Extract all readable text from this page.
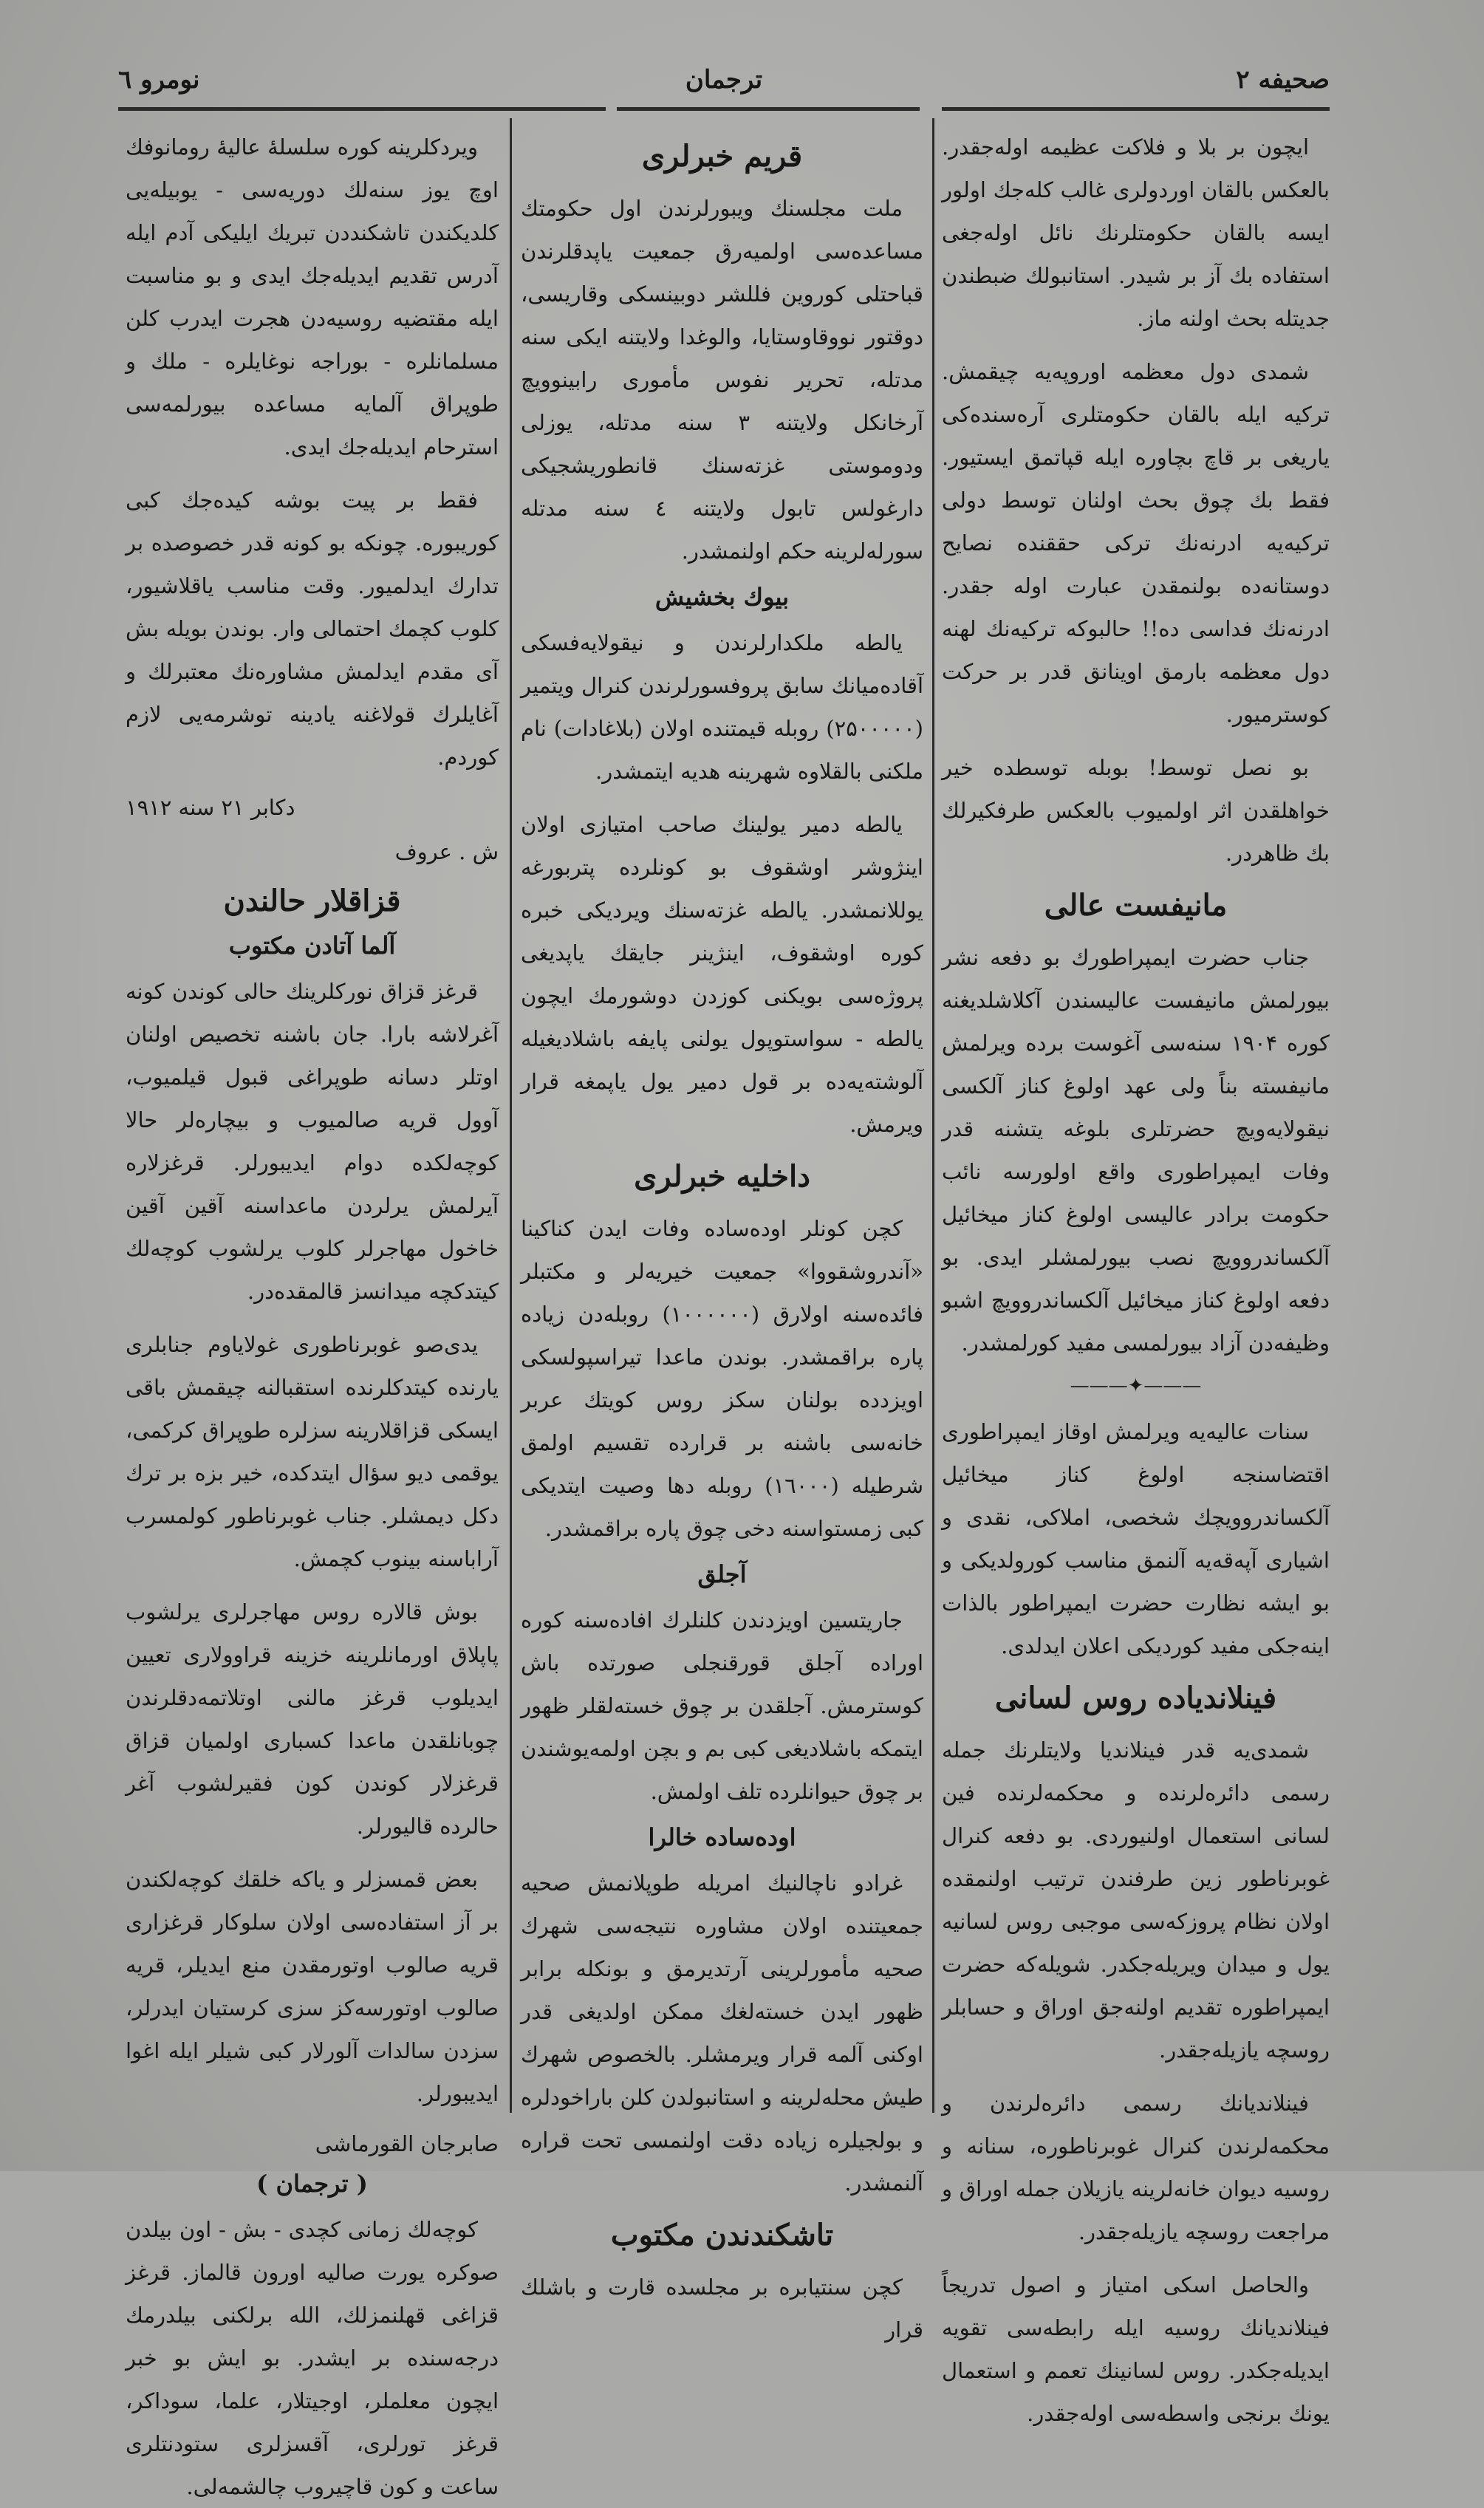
صحیفه ۲
ترجمان
نومرو ٦

ایچون بر بلا و فلاکت عظیمه اوله‌جقدر. بالعکس بالقان اوردولری غالب کله‌جك اولور ایسه بالقان حکومتلرنك نائل اوله‌جغی استفاده بك آز بر شیدر. استانبولك ضبطندن جدیتله بحث اولنه ماز.

شمدی دول معظمه اوروپه‌یه چیقمش. ترکیه ایله بالقان حکومتلری آره‌سنده‌کی یاریغی بر قاچ بچاوره ایله قپاتمق ایستیور. فقط بك چوق بحث اولنان توسط دولی ترکیه‌یه ادرنه‌نك ترکی حققنده نصایح دوستانه‌ده بولنمقدن عبارت اوله جقدر. ادرنه‌نك فداسی ده!! حالبوکه ترکیه‌نك لهنه دول معظمه بارمق اوینانق قدر بر حرکت کوسترمیور.

بو نصل توسط! بوبله توسطده خیر خواهلقدن اثر اولمیوب بالعکس طرفکیرلك بك ظاهردر.

مانیفست عالی

جناب حضرت ایمپراطورك بو دفعه نشر بیورلمش مانیفست عالیسندن آکلاشلدیغنه کوره ۱۹۰۴ سنه‌سی آغوست برده ویرلمش مانیفسته بناً ولی عهد اولوغ کناز آلکسی نیقولایه‌ویچ حضرتلری بلوغه یتشنه قدر وفات ایمپراطوری واقع اولورسه نائب حکومت برادر عالیسی اولوغ کناز میخائیل آلکساندروویچ نصب بیورلمشلر ایدی. بو دفعه اولوغ کناز میخائیل آلکساندروویچ اشبو وظیفه‌دن آزاد بیورلمسی مفید کورلمشدر.

———✦———

سنات عالیه‌یه ویرلمش اوقاز ایمپراطوری اقتضاسنجه اولوغ کناز میخائیل آلکساندروویچك شخصی، املاکی، نقدی و اشیاری آپه‌قه‌یه آلنمق مناسب کورولدیکی و بو ایشه نظارت حضرت ایمپراطور بالذات اینه‌جکی مفید کوردیکی اعلان ایدلدی.

فینلاندیاده روس لسانی

شمدی‌یه قدر فینلاندیا ولایتلرنك جمله رسمی دائره‌لرنده و محکمه‌لرنده فین لسانی استعمال اولنیوردی. بو دفعه کنرال غوبرناطور زین طرفندن ترتیب اولنمقده اولان نظام پروزکه‌سی موجبی روس لسانیه یول و میدان ویریله‌جکدر. شویله‌که حضرت ایمپراطوره تقدیم اولنه‌جق اوراق و حسابلر روسچه یازیله‌جقدر.

فینلاندیانك رسمی دائره‌لرندن و محکمه‌لرندن کنرال غوبرناطوره، سنانه و روسیه دیوان خانه‌لرینه یازیلان جمله اوراق و مراجعت روسچه یازیله‌جقدر.

والحاصل اسکی امتیاز و اصول تدریجاً فینلاندیانك روسیه ایله رابطه‌سی تقویه ایدیله‌جکدر. روس لسانینك تعمم و استعمال یونك برنجی واسطه‌سی اوله‌جقدر.

قریم خبرلری

ملت مجلسنك ویبورلرندن اول حکومتك مساعده‌سی اولمیه‌رق جمعیت یاپدقلرندن قباحتلی کوروین فللشر دوبینسکی وقاریسی، دوقتور نووقاوستایا، والوغدا ولایتنه ایکی سنه مدتله، تحریر نفوس مأموری رابینوویچ آرخانکل ولایتنه ۳ سنه مدتله، یوزلی ودوموستی غزته‌سنك قانطوریشجیکی دارغولس تابول ولایتنه ٤ سنه مدتله سورله‌لرینه حکم اولنمشدر.

بیوك بخشیش

یالطه ملکدارلرندن و نیقولایه‌فسکی آقاده‌میانك سابق پروفسورلرندن کنرال ویتمیر (۲۵۰۰۰۰۰) روبله قیمتنده اولان (بلاغادات) نام ملکنی بالقلاوه شهرینه هدیه ایتمشدر.

یالطه دمیر یولینك صاحب امتیازی اولان اینژوشر اوشقوف بو کونلرده پتربورغه یوللانمشدر. یالطه غزته‌سنك ویردیکی خبره کوره اوشقوف، اینژینر جایقك یاپدیغی پروژه‌سی بویکنی کوزدن دوشورمك ایچون یالطه - سواستوپول یولنی پایفه باشلادیغیله آلوشته‌یه‌ده بر قول دمیر یول یاپمغه قرار ویرمش.

داخلیه خبرلری

کچن کونلر اوده‌ساده وفات ایدن کناکینا «آندروشقووا» جمعیت خیریه‌لر و مکتبلر فائده‌سنه اولارق (۱۰۰۰۰۰۰) روبله‌دن زیاده پاره براقمشدر. بوندن ماعدا تیراسپولسکی اویزدده بولنان سکز روس کویتك عربر خانه‌سی باشنه بر قرارده تقسیم اولمق شرطیله (۱٦۰۰۰) روبله دها وصیت ایتدیکی کبی زمستواسنه دخی چوق پاره براقمشدر.

آجلق

جاریتسین اویزدندن کلنلرك افاده‌سنه کوره اوراده آجلق قورقنجلی صورتده باش کوسترمش. آجلقدن بر چوق خسته‌لقلر ظهور ایتمکه باشلادیغی کبی بم و بچن اولمه‌یوشندن بر چوق حیوانلرده تلف اولمش.

اوده‌ساده خالرا

غرادو ناچالنیك امریله طوپلانمش صحیه جمعیتنده اولان مشاوره نتیجه‌سی شهرك صحیه مأمورلرینی آرتدیرمق و بونکله برابر ظهور ایدن خسته‌لغك ممکن اولدیغی قدر اوکنی آلمه قرار ویرمشلر. بالخصوص شهرك طیش محله‌لرینه و استانبولدن کلن باراخودلره و بولجیلره زیاده دقت اولنمسی تحت قراره آلنمشدر.

تاشکندندن مکتوب

کچن سنتیابره بر مجلسده قارت و باشلك قرار

ویردکلرینه کوره سلسلهٔ عالیهٔ رومانوفك اوچ یوز سنه‌لك دوریه‌سی - یوبیله‌یی کلدیکندن تاشکنددن تبریك ایلیکی آدم ایله آدرس تقدیم ایدیله‌جك ایدی و بو مناسبت ایله مقتضیه روسیه‌دن هجرت ایدرب کلن مسلمانلره - بوراجه نوغایلره - ملك و طوپراق آلمایه مساعده بیورلمه‌سی استرحام ایدیله‌جك ایدی.

فقط بر پیت بوشه کیده‌جك کبی کوریبوره. چونکه بو کونه قدر خصوصده بر تدارك ایدلمیور. وقت مناسب یاقلاشیور، کلوب کچمك احتمالی وار. بوندن بویله بش آی مقدم ایدلمش مشاوره‌نك معتبرلك و آغایلرك قولاغنه یادینه توشرمه‌یی لازم کوردم.

دکابر ۲۱ سنه ۱۹۱۲

ش . عروف

قزاقلار حالندن
آلما آتادن مکتوب

قرغز قزاق نورکلرینك حالی کوندن کونه آغرلاشه بارا. جان باشنه تخصیص اولنان اوتلر دسانه طوپراغی قبول قیلمیوب، آوول قریه صالمیوب و بیچاره‌لر حالا کوچه‌لکده دوام ایدیبورلر. قرغزلاره آیرلمش یرلردن ماعداسنه آقین آقین خاخول مهاجرلر کلوب یرلشوب کوچه‌لك کیتدکچه میدانسز قالمقده‌در.

یدی‌صو غوبرناطوری غولایاوم جنابلری یارنده کیتدکلرنده استقبالنه چیقمش باقی ایسکی قزاقلارینه سزلره طوپراق کرکمی، یوقمی دیو سؤال ایتدکده، خیر بزه بر ترك دکل دیمشلر. جناب غوبرناطور کولمسرب آراباسنه بینوب کچمش.

بوش قالاره روس مهاجرلری یرلشوب پاپلاق اورمانلرینه خزینه قراوولاری تعیین ایدیلوب قرغز مالنی اوتلاتمه‌دقلرندن چوبانلقدن ماعدا کسباری اولمیان قزاق قرغزلار کوندن کون فقیرلشوب آغر حالرده قالیورلر.

بعض قمسزلر و یاکه خلقك کوچه‌لکندن بر آز استفاده‌سی اولان سلوکار قرغزاری قریه صالوب اوتورمقدن منع ایدیلر، قریه صالوب اوتورسه‌کز سزی کرستیان ایدرلر، سزدن سالدات آلورلار کبی شیلر ایله اغوا ایدیبورلر.

صابرجان القورماشی

( ترجمان )

کوچه‌لك زمانی کچدی - بش - اون بیلدن صوکره یورت صالیه اورون قالماز. قرغز قزاغی قهلنمزلك، الله برلکنی بیلدرمك درجه‌سنده بر ایشدر. بو ایش بو خبر ایچون معلملر، اوجیتلار، علما، سوداکر، قرغز تورلری، آقسزلری ستودنتلری ساعت و کون قاچیروب چالشمه‌لی.
